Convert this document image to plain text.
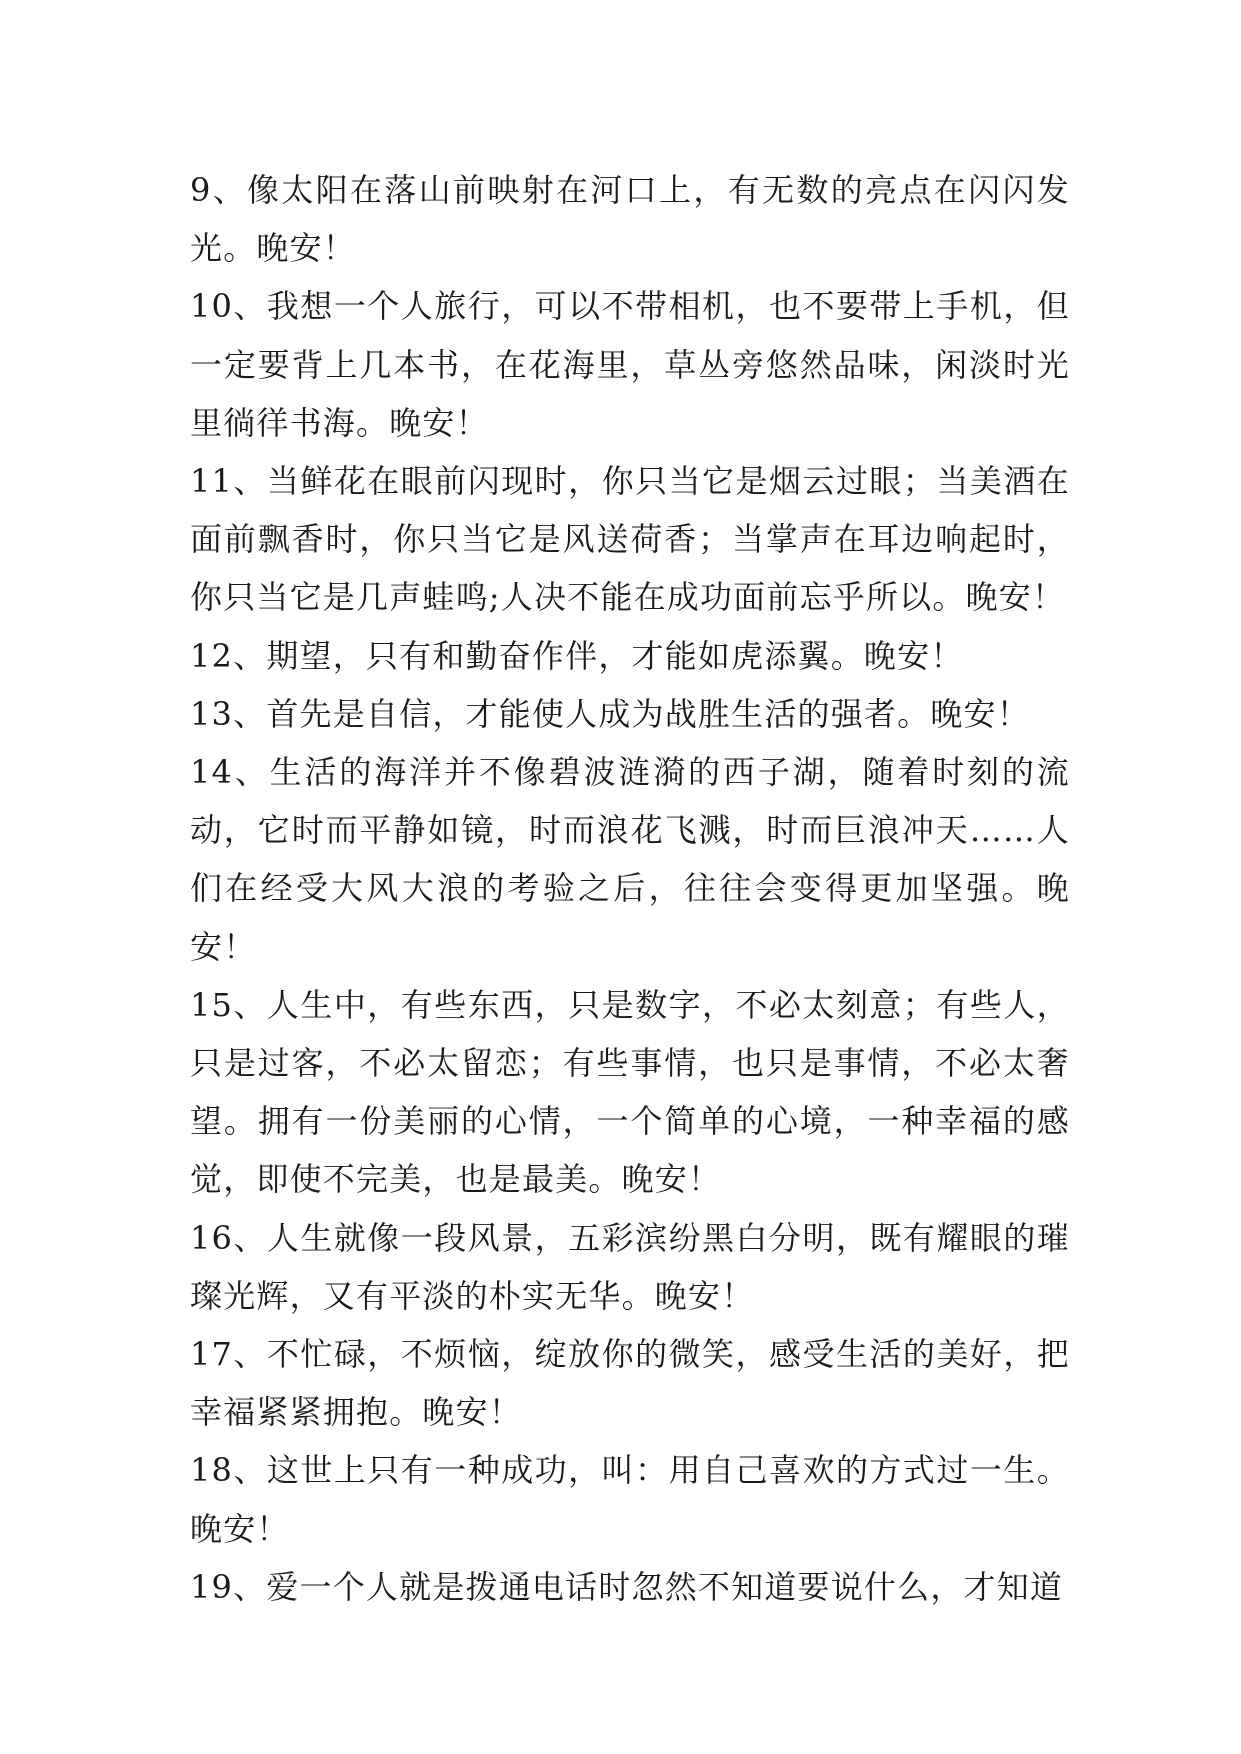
9、像太阳在落山前映射在河口上，有无数的亮点在闪闪发光。晚安！

10、我想一个人旅行，可以不带相机，也不要带上手机，但一定要背上几本书，在花海里，草丛旁悠然品味，闲淡时光里徜徉书海。晚安！

11、当鲜花在眼前闪现时，你只当它是烟云过眼；当美酒在面前飘香时，你只当它是风送荷香；当掌声在耳边响起时，你只当它是几声蛙鸣;人决不能在成功面前忘乎所以。晚安！

12、期望，只有和勤奋作伴，才能如虎添翼。晚安！

13、首先是自信，才能使人成为战胜生活的强者。晚安！

14、生活的海洋并不像碧波涟漪的西子湖，随着时刻的流动，它时而平静如镜，时而浪花飞溅，时而巨浪冲天……人们在经受大风大浪的考验之后，往往会变得更加坚强。晚安！

15、人生中，有些东西，只是数字，不必太刻意；有些人，只是过客，不必太留恋；有些事情，也只是事情，不必太奢望。拥有一份美丽的心情，一个简单的心境，一种幸福的感觉，即使不完美，也是最美。晚安！

16、人生就像一段风景，五彩滨纷黑白分明，既有耀眼的璀璨光辉，又有平淡的朴实无华。晚安！

17、不忙碌，不烦恼，绽放你的微笑，感受生活的美好，把幸福紧紧拥抱。晚安！

18、这世上只有一种成功，叫：用自己喜欢的方式过一生。晚安！

19、爱一个人就是拨通电话时忽然不知道要说什么，才知道
